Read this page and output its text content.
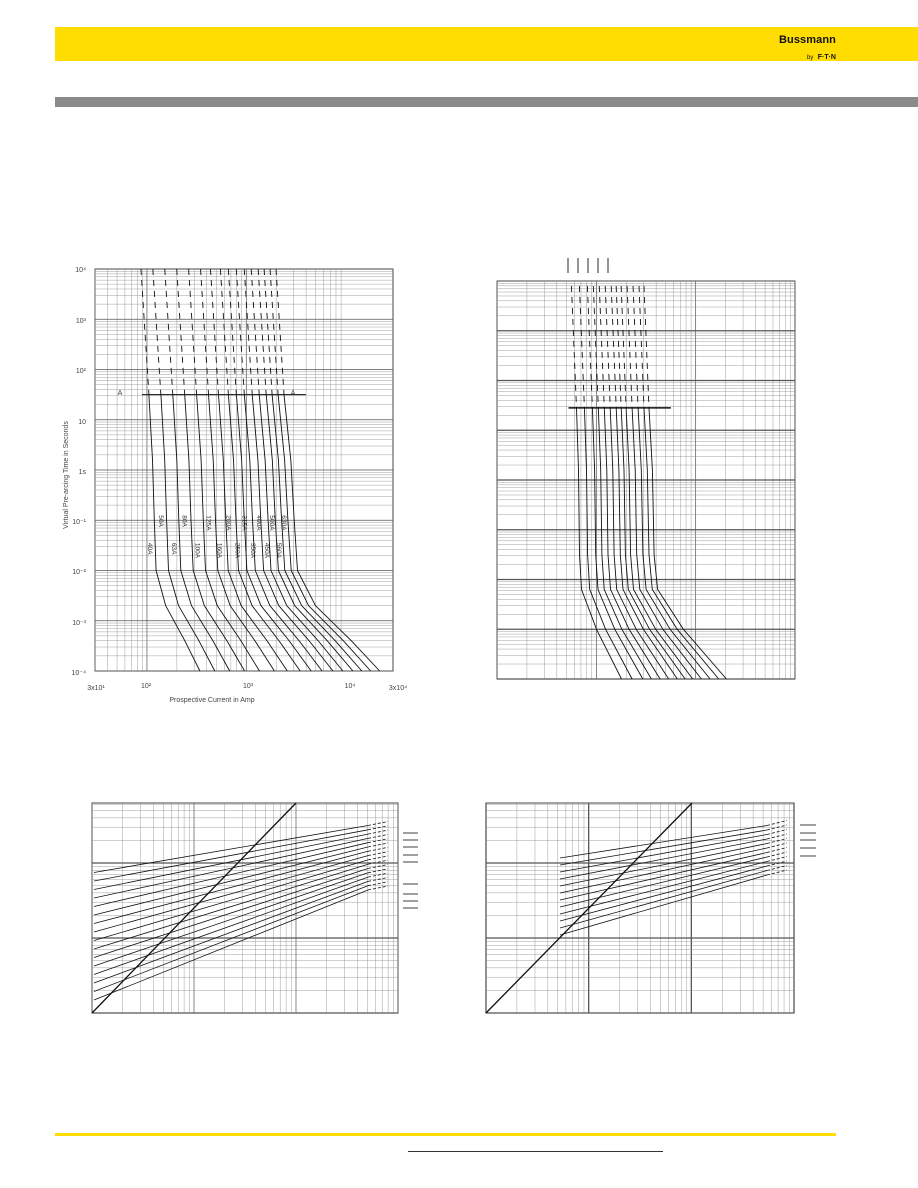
Bussmann
by F·T·N
10⁴
10³
10²
10
1s
10⁻¹
10⁻²
10⁻³
10⁻⁴
3x10¹	10²	10³	10⁴	3x10⁴
Prospective Current in Amp
Virtual Pre-arcing Time in Seconds
A	A
50A
40A
80A
63A
125A
100A
200A
160A
315A
250A
400A
350A
500A
450A
630A
560A
